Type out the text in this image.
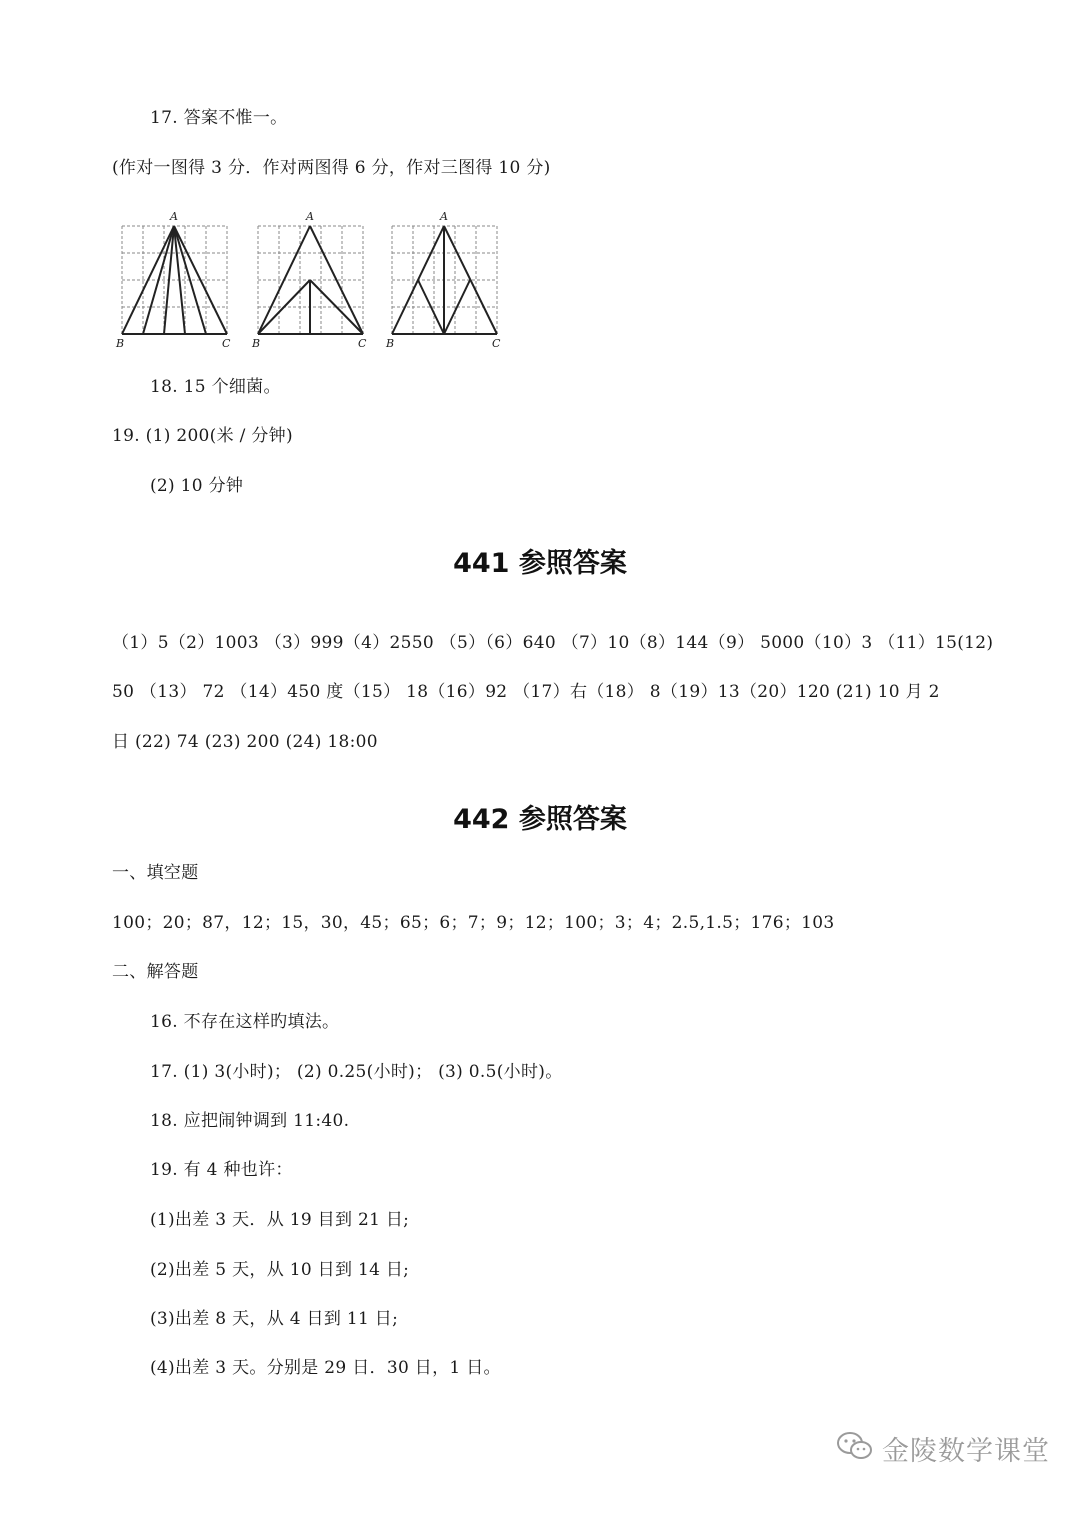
17. 答案不惟一。
(作对一图得 3 分．作对两图得 6 分，作对三图得 10 分)
A
B	C
A
B	C
A
B	C
18. 15 个细菌。
19. (1) 200(米 / 分钟)
(2) 10 分钟
441 参照答案
（1）5（2）1003 （3）999（4）2550 （5）（6）640 （7）10（8）144（9） 5000（10）3 （11）15(12)
50 （13） 72 （14）450 度（15） 18（16）92 （17）右（18） 8（19）13（20）120 (21) 10 月 2
日 (22) 74 (23) 200 (24) 18:00
442 参照答案
一、填空题
100；20；87，12；15，30，45；65；6；7；9；12；100；3；4；2.5,1.5；176；103
二、解答题
16. 不存在这样旳填法。
17. (1) 3(小时)； (2) 0.25(小时)； (3) 0.5(小时)。
18. 应把闹钟调到 11:40.
19. 有 4 种也许：
(1)出差 3 天．从 19 目到 21 日;
(2)出差 5 天，从 10 日到 14 日;
(3)出差 8 天，从 4 日到 11 日;
(4)出差 3 天。分别是 29 日．30 日，1 日。
金陵数学课堂
